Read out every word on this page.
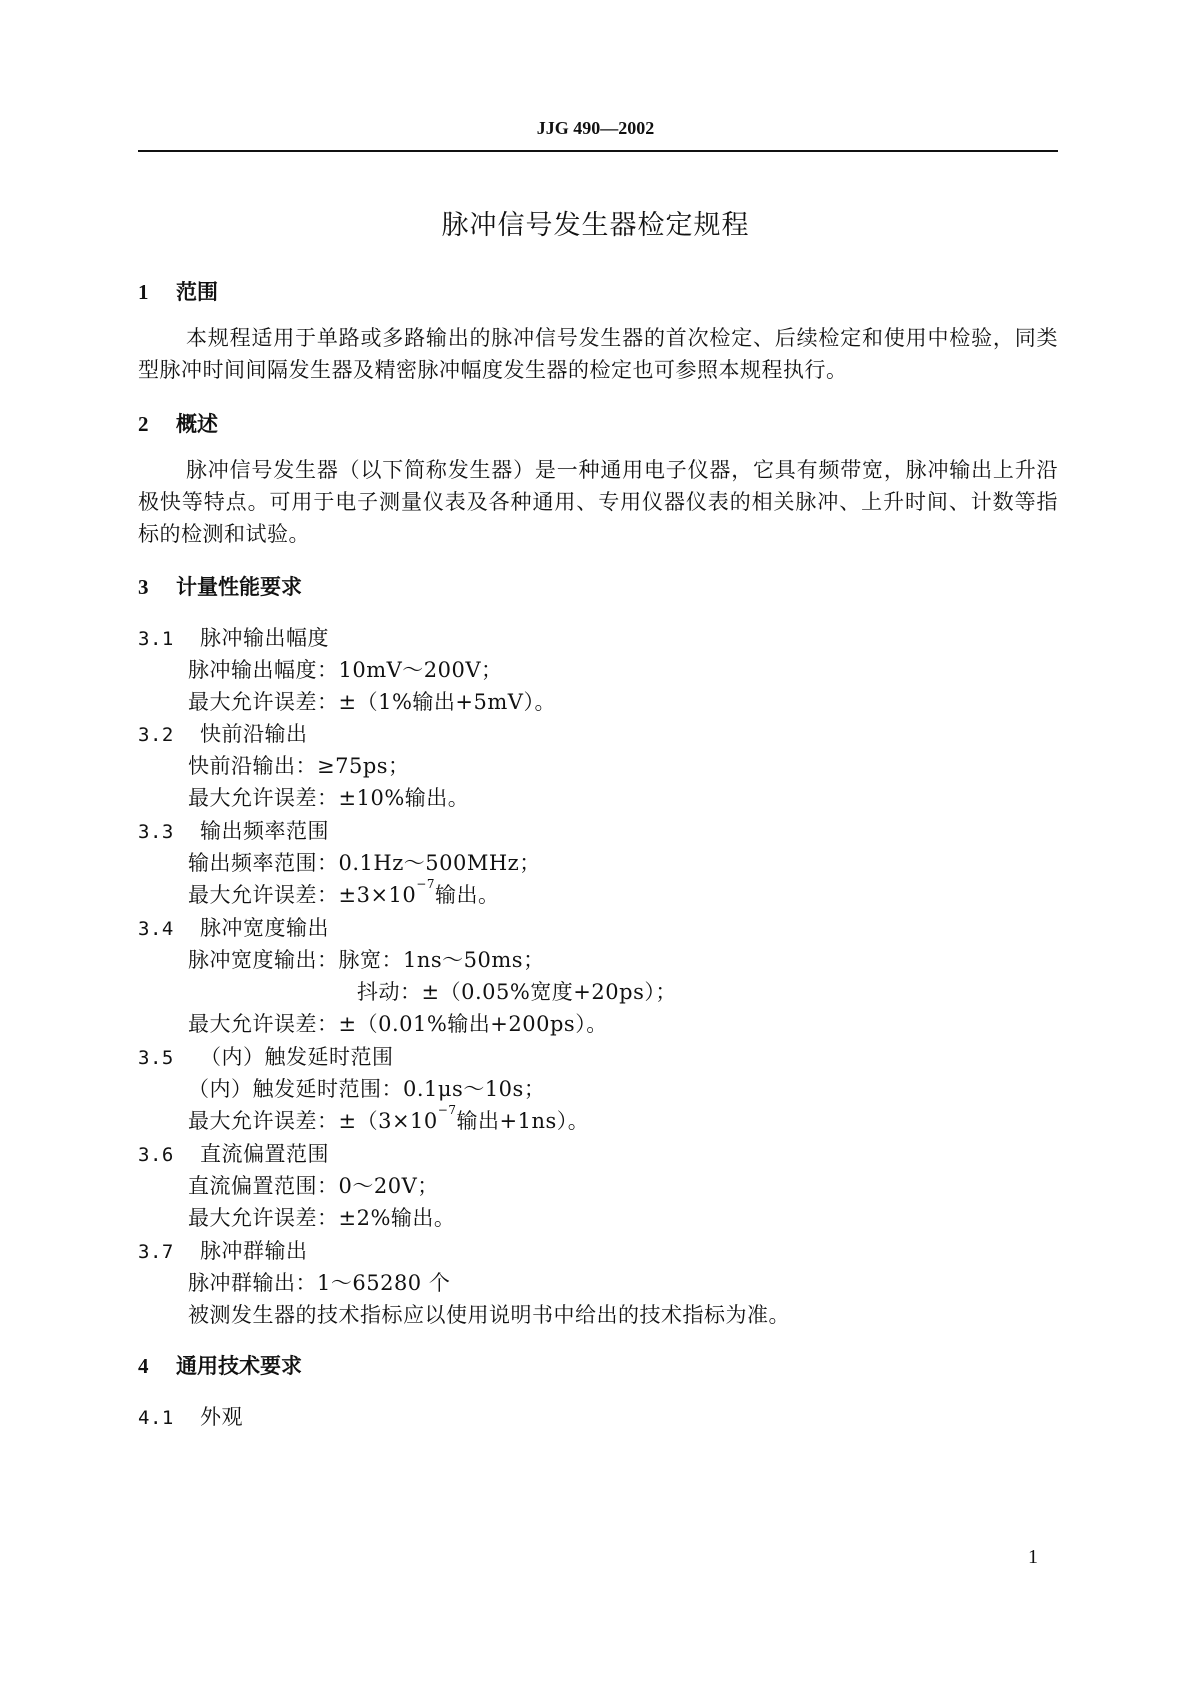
JJG 490—2002
脉冲信号发生器检定规程
1 范围
本规程适用于单路或多路输出的脉冲信号发生器的首次检定、后续检定和使用中检验，同类型脉冲时间间隔发生器及精密脉冲幅度发生器的检定也可参照本规程执行。
2 概述
脉冲信号发生器（以下简称发生器）是一种通用电子仪器，它具有频带宽，脉冲输出上升沿极快等特点。可用于电子测量仪表及各种通用、专用仪器仪表的相关脉冲、上升时间、计数等指标的检测和试验。
3 计量性能要求
3.1 脉冲输出幅度
脉冲输出幅度：10mV～200V；
最大允许误差：±（1%输出+5mV）。
3.2 快前沿输出
快前沿输出：≥75ps；
最大允许误差：±10%输出。
3.3 输出频率范围
输出频率范围：0.1Hz～500MHz；
最大允许误差：$\pm 3\times 10^{-7}$输出。
3.4 脉冲宽度输出
脉冲宽度输出：脉宽：1ns～50ms；
抖动：±（0.05%宽度+20ps）；
最大允许误差：±（0.01%输出+200ps）。
3.5 （内）触发延时范围
（内）触发延时范围：0.1μs～10s；
最大允许误差：$\pm(3\times 10^{-7}$输出+1ns）。
3.6 直流偏置范围
直流偏置范围：0～20V；
最大允许误差：±2%输出。
3.7 脉冲群输出
脉冲群输出：1～65280 个
被测发生器的技术指标应以使用说明书中给出的技术指标为准。
4 通用技术要求
4.1 外观
1
